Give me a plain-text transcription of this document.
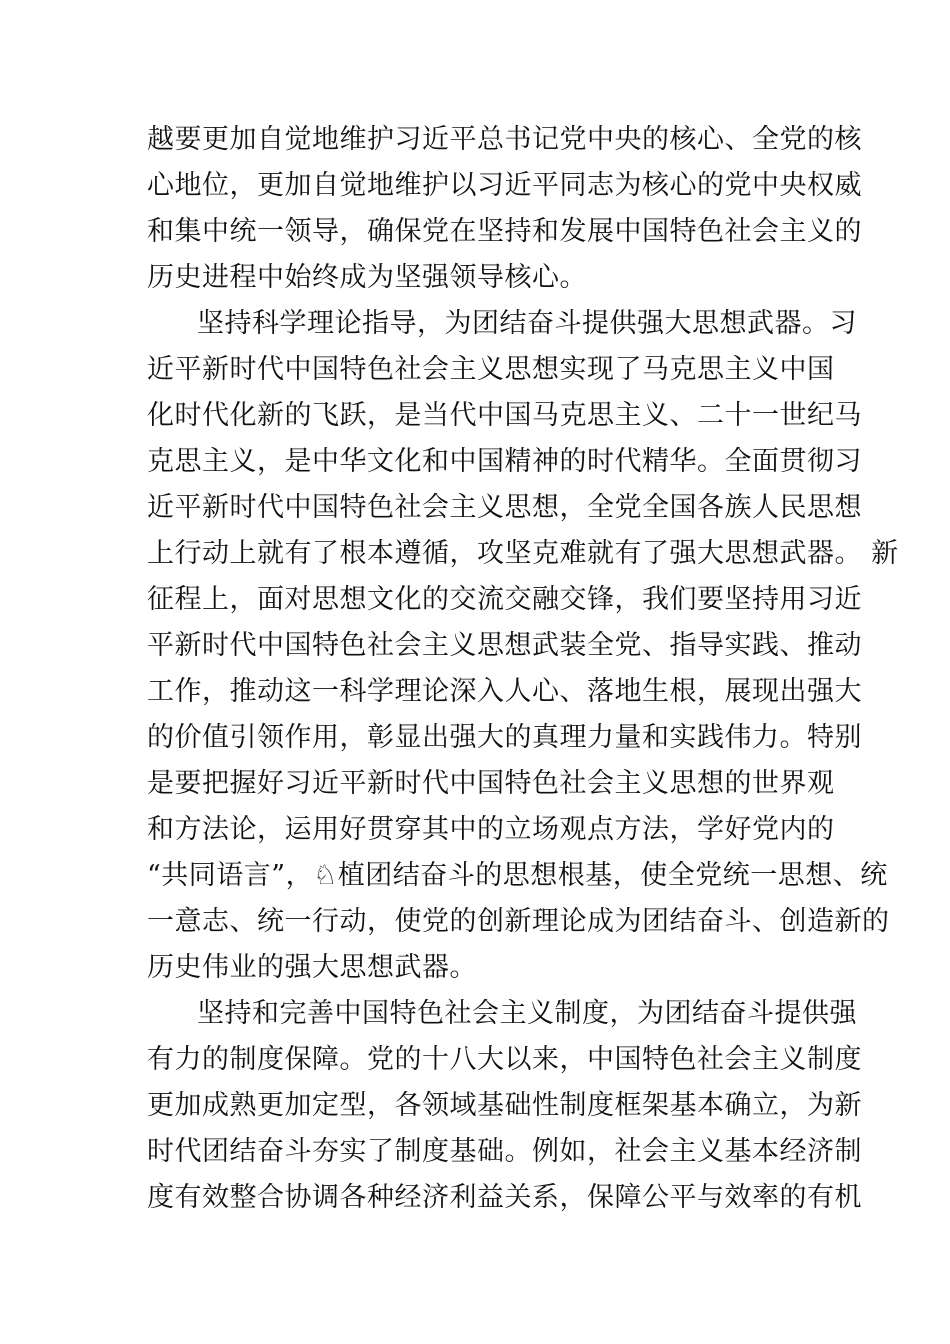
越要更加自觉地维护习近平总书记党中央的核心、全党的核
心地位，更加自觉地维护以习近平同志为核心的党中央权威
和集中统一领导，确保党在坚持和发展中国特色社会主义的
历史进程中始终成为坚强领导核心。
坚持科学理论指导，为团结奋斗提供强大思想武器。习
近平新时代中国特色社会主义思想实现了马克思主义中国
化时代化新的飞跃，是当代中国马克思主义、二十一世纪马
克思主义，是中华文化和中国精神的时代精华。全面贯彻习
近平新时代中国特色社会主义思想，全党全国各族人民思想
上行动上就有了根本遵循，攻坚克难就有了强大思想武器。 新
征程上，面对思想文化的交流交融交锋，我们要坚持用习近
平新时代中国特色社会主义思想武装全党、指导实践、推动
工作，推动这一科学理论深入人心、落地生根，展现出强大
的价值引领作用，彰显出强大的真理力量和实践伟力。特别
是要把握好习近平新时代中国特色社会主义思想的世界观
和方法论，运用好贯穿其中的立场观点方法，学好党内的
“共同语言”，♘植团结奋斗的思想根基，使全党统一思想、统
一意志、统一行动，使党的创新理论成为团结奋斗、创造新的
历史伟业的强大思想武器。
坚持和完善中国特色社会主义制度，为团结奋斗提供强
有力的制度保障。党的十八大以来，中国特色社会主义制度
更加成熟更加定型，各领域基础性制度框架基本确立，为新
时代团结奋斗夯实了制度基础。例如，社会主义基本经济制
度有效整合协调各种经济利益关系，保障公平与效率的有机
